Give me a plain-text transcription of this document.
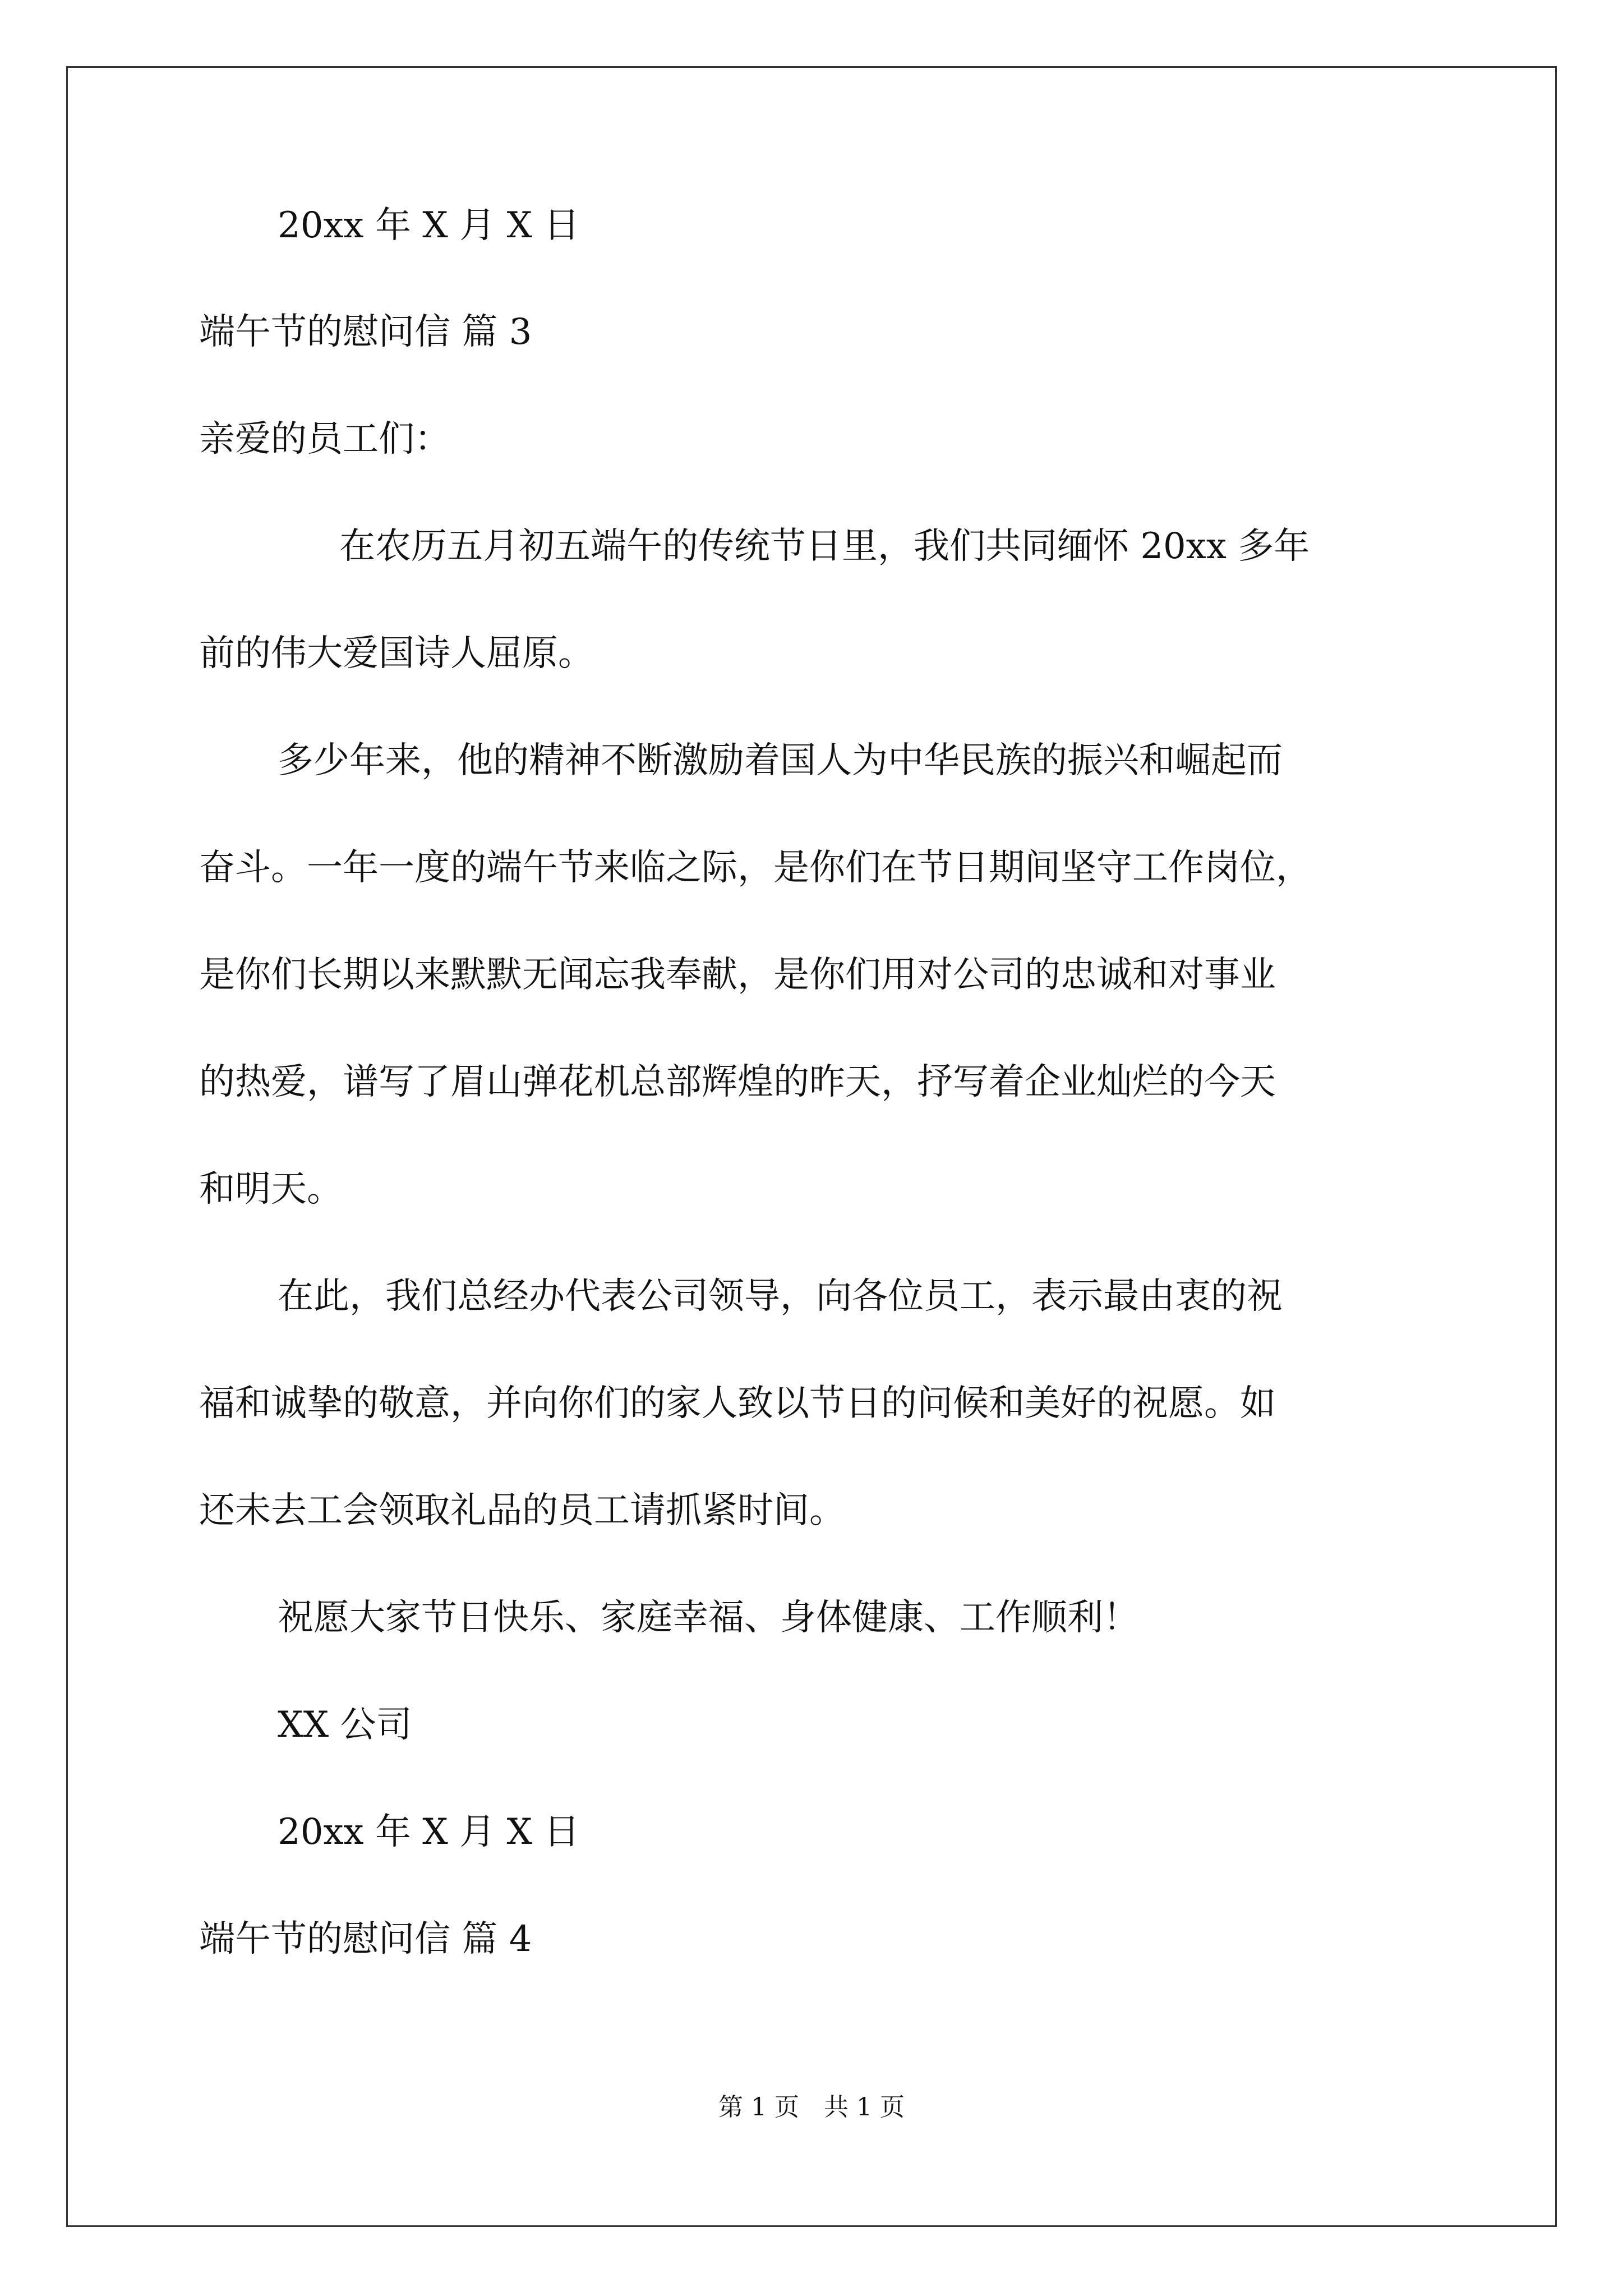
20xx 年 X 月 X 日

端午节的慰问信 篇 3

亲爱的员工们：

在农历五月初五端午的传统节日里，我们共同缅怀 20xx 多年

前的伟大爱国诗人屈原。

多少年来，他的精神不断激励着国人为中华民族的振兴和崛起而

奋斗。一年一度的端午节来临之际，是你们在节日期间坚守工作岗位，

是你们长期以来默默无闻忘我奉献，是你们用对公司的忠诚和对事业

的热爱，谱写了眉山弹花机总部辉煌的昨天，抒写着企业灿烂的今天

和明天。

在此，我们总经办代表公司领导，向各位员工，表示最由衷的祝

福和诚挚的敬意，并向你们的家人致以节日的问候和美好的祝愿。如

还未去工会领取礼品的员工请抓紧时间。

祝愿大家节日快乐、家庭幸福、身体健康、工作顺利！

XX 公司

20xx 年 X 月 X 日

端午节的慰问信 篇 4

第 1 页　共 1 页
